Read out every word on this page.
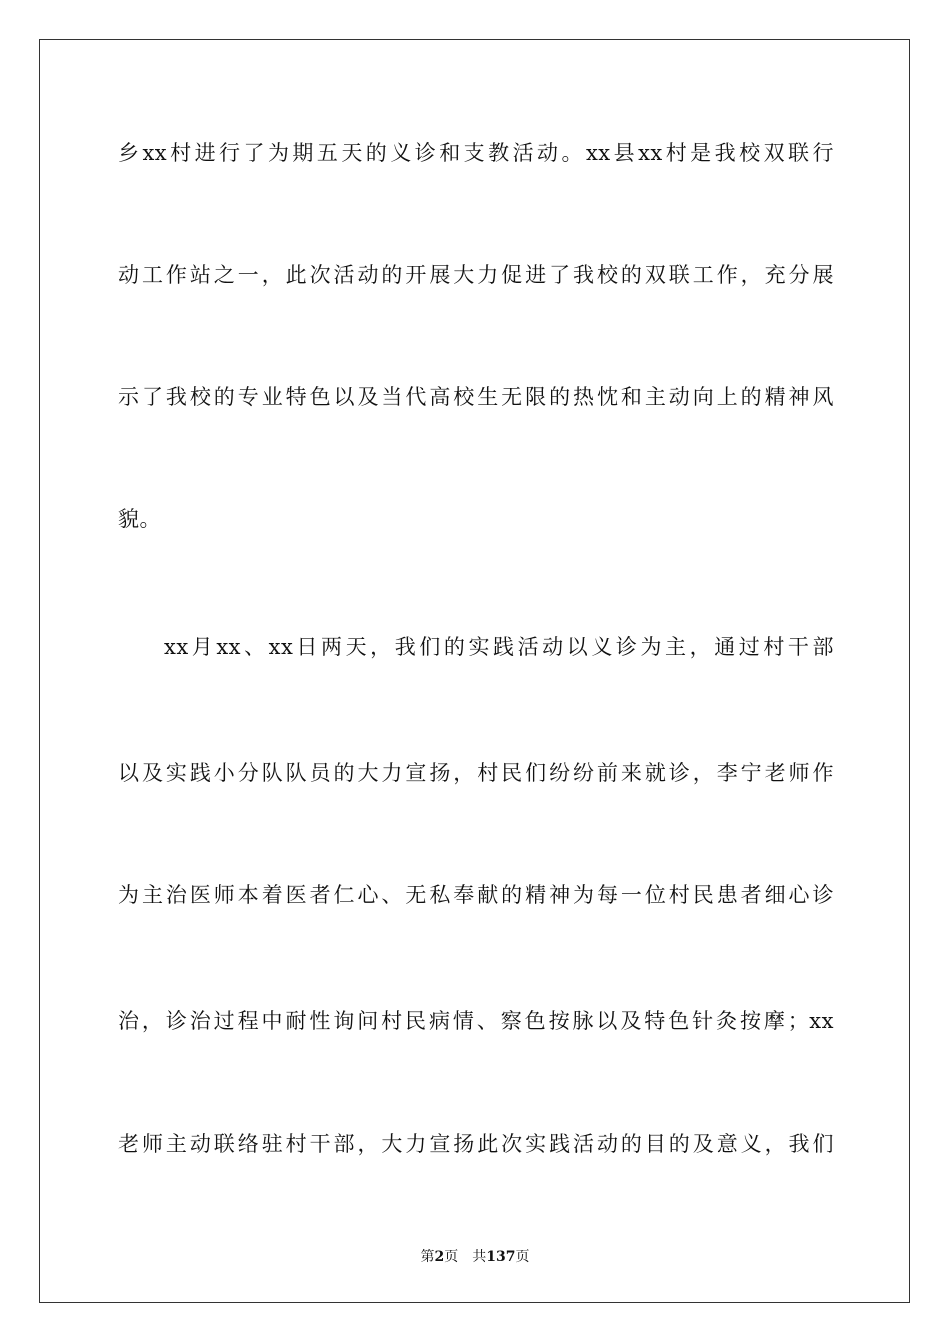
乡xx村进行了为期五天的义诊和支教活动。xx县xx村是我校双联行
动工作站之一，此次活动的开展大力促进了我校的双联工作，充分展
示了我校的专业特色以及当代高校生无限的热忱和主动向上的精神风
貌。
xx月xx、xx日两天，我们的实践活动以义诊为主，通过村干部
以及实践小分队队员的大力宣扬，村民们纷纷前来就诊，李宁老师作
为主治医师本着医者仁心、无私奉献的精神为每一位村民患者细心诊
治，诊治过程中耐性询问村民病情、察色按脉以及特色针灸按摩；xx
老师主动联络驻村干部，大力宣扬此次实践活动的目的及意义，我们
第2页 共137页
